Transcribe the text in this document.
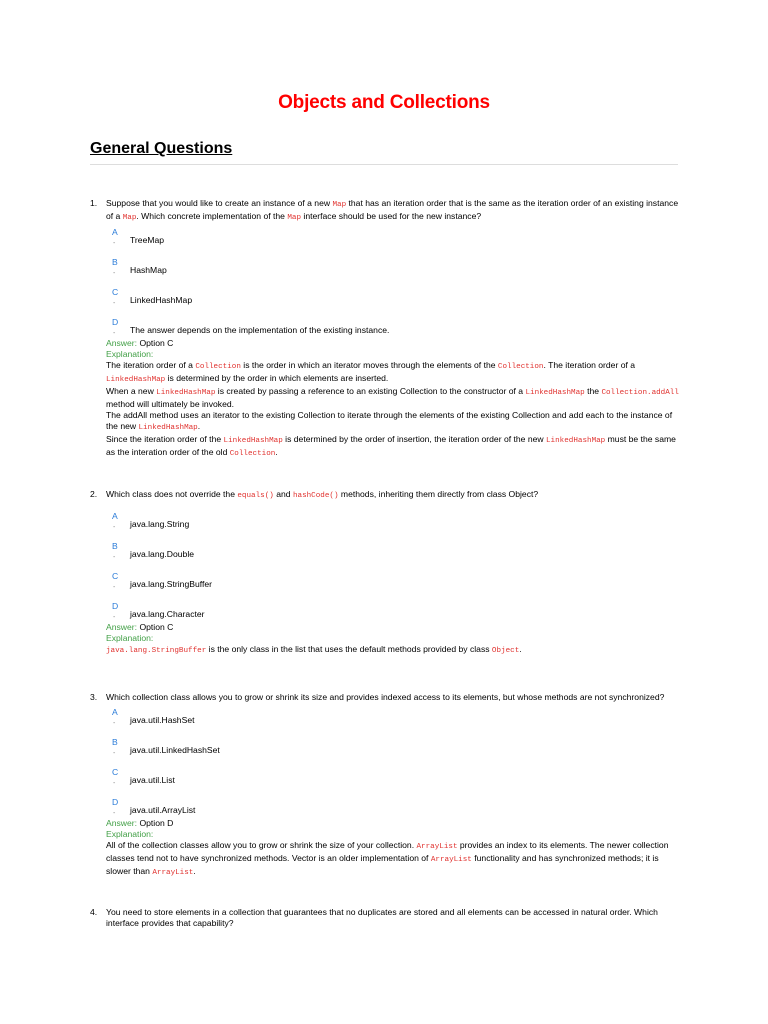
Objects and Collections
General Questions
1.	Suppose that you would like to create an instance of a new Map that has an iteration order that is the same as the iteration order of an existing instance of a Map. Which concrete implementation of the Map interface should be used for the new instance?
A
- TreeMap
B
- HashMap
C
- LinkedHashMap
D
- The answer depends on the implementation of the existing instance.
Answer: Option C
Explanation:
The iteration order of a Collection is the order in which an iterator moves through the elements of the Collection. The iteration order of a LinkedHashMap is determined by the order in which elements are inserted.
When a new LinkedHashMap is created by passing a reference to an existing Collection to the constructor of a LinkedHashMap the Collection.addAll method will ultimately be invoked.
The addAll method uses an iterator to the existing Collection to iterate through the elements of the existing Collection and add each to the instance of the new LinkedHashMap.
Since the iteration order of the LinkedHashMap is determined by the order of insertion, the iteration order of the new LinkedHashMap must be the same as the interation order of the old Collection.
2.	Which class does not override the equals() and hashCode() methods, inheriting them directly from class Object?
A
- java.lang.String
B
- java.lang.Double
C
- java.lang.StringBuffer
D
- java.lang.Character
Answer: Option C
Explanation:
java.lang.StringBuffer is the only class in the list that uses the default methods provided by class Object.
3.	Which collection class allows you to grow or shrink its size and provides indexed access to its elements, but whose methods are not synchronized?
A
- java.util.HashSet
B
- java.util.LinkedHashSet
C
- java.util.List
D
- java.util.ArrayList
Answer: Option D
Explanation:
All of the collection classes allow you to grow or shrink the size of your collection. ArrayList provides an index to its elements. The newer collection classes tend not to have synchronized methods. Vector is an older implementation of ArrayList functionality and has synchronized methods; it is slower than ArrayList.
4.	You need to store elements in a collection that guarantees that no duplicates are stored and all elements can be accessed in natural order. Which interface provides that capability?
